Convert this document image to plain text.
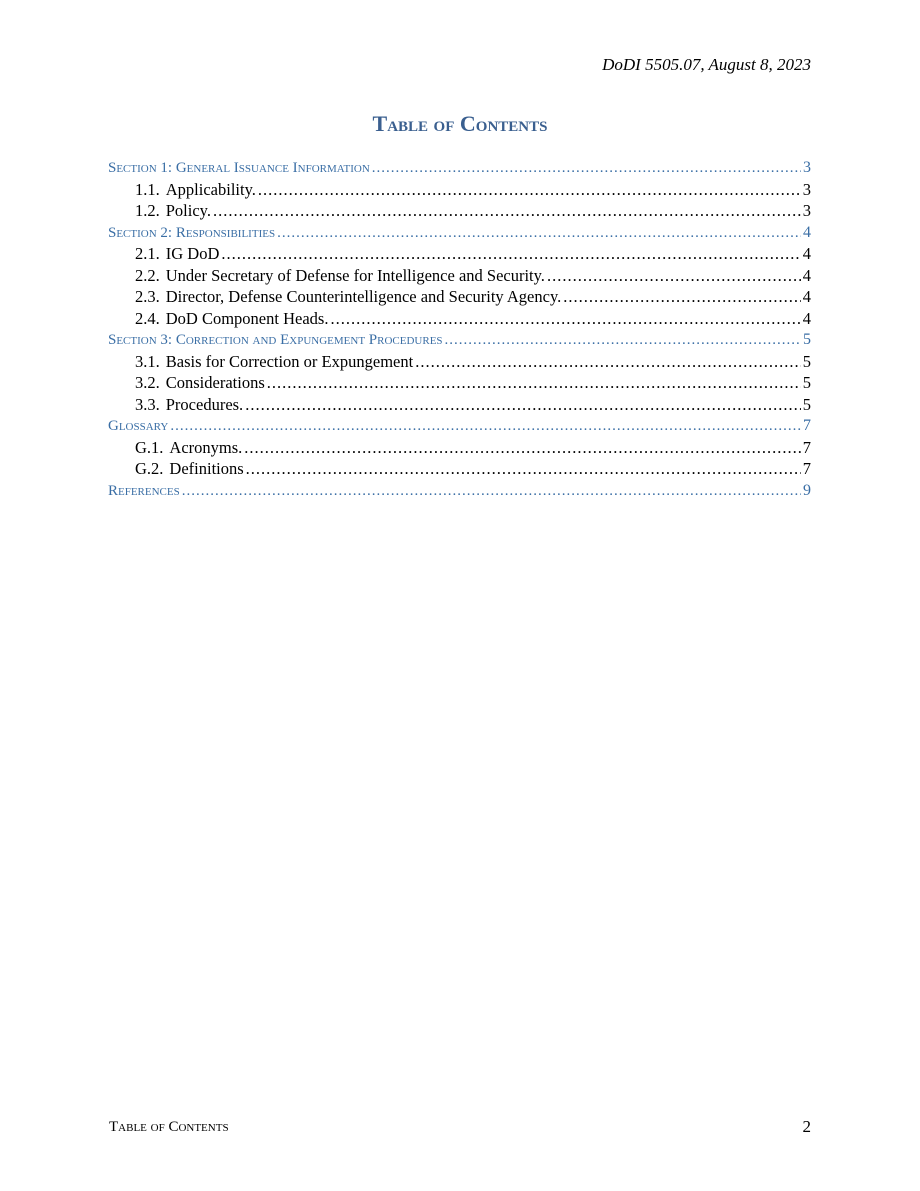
DoDI 5505.07, August 8, 2023
Table of Contents
Section 1: General Issuance Information .....	3
1.1. Applicability. .....	3
1.2. Policy. .....	3
Section 2: Responsibilities .....	4
2.1. IG DoD .....	4
2.2. Under Secretary of Defense for Intelligence and Security. .....	4
2.3. Director, Defense Counterintelligence and Security Agency. .....	4
2.4. DoD Component Heads. .....	4
Section 3: Correction and Expungement Procedures .....	5
3.1. Basis for Correction or Expungement .....	5
3.2. Considerations .....	5
3.3. Procedures. .....	5
Glossary .....	7
G.1. Acronyms. .....	7
G.2. Definitions .....	7
References .....	9
Table of Contents	2
